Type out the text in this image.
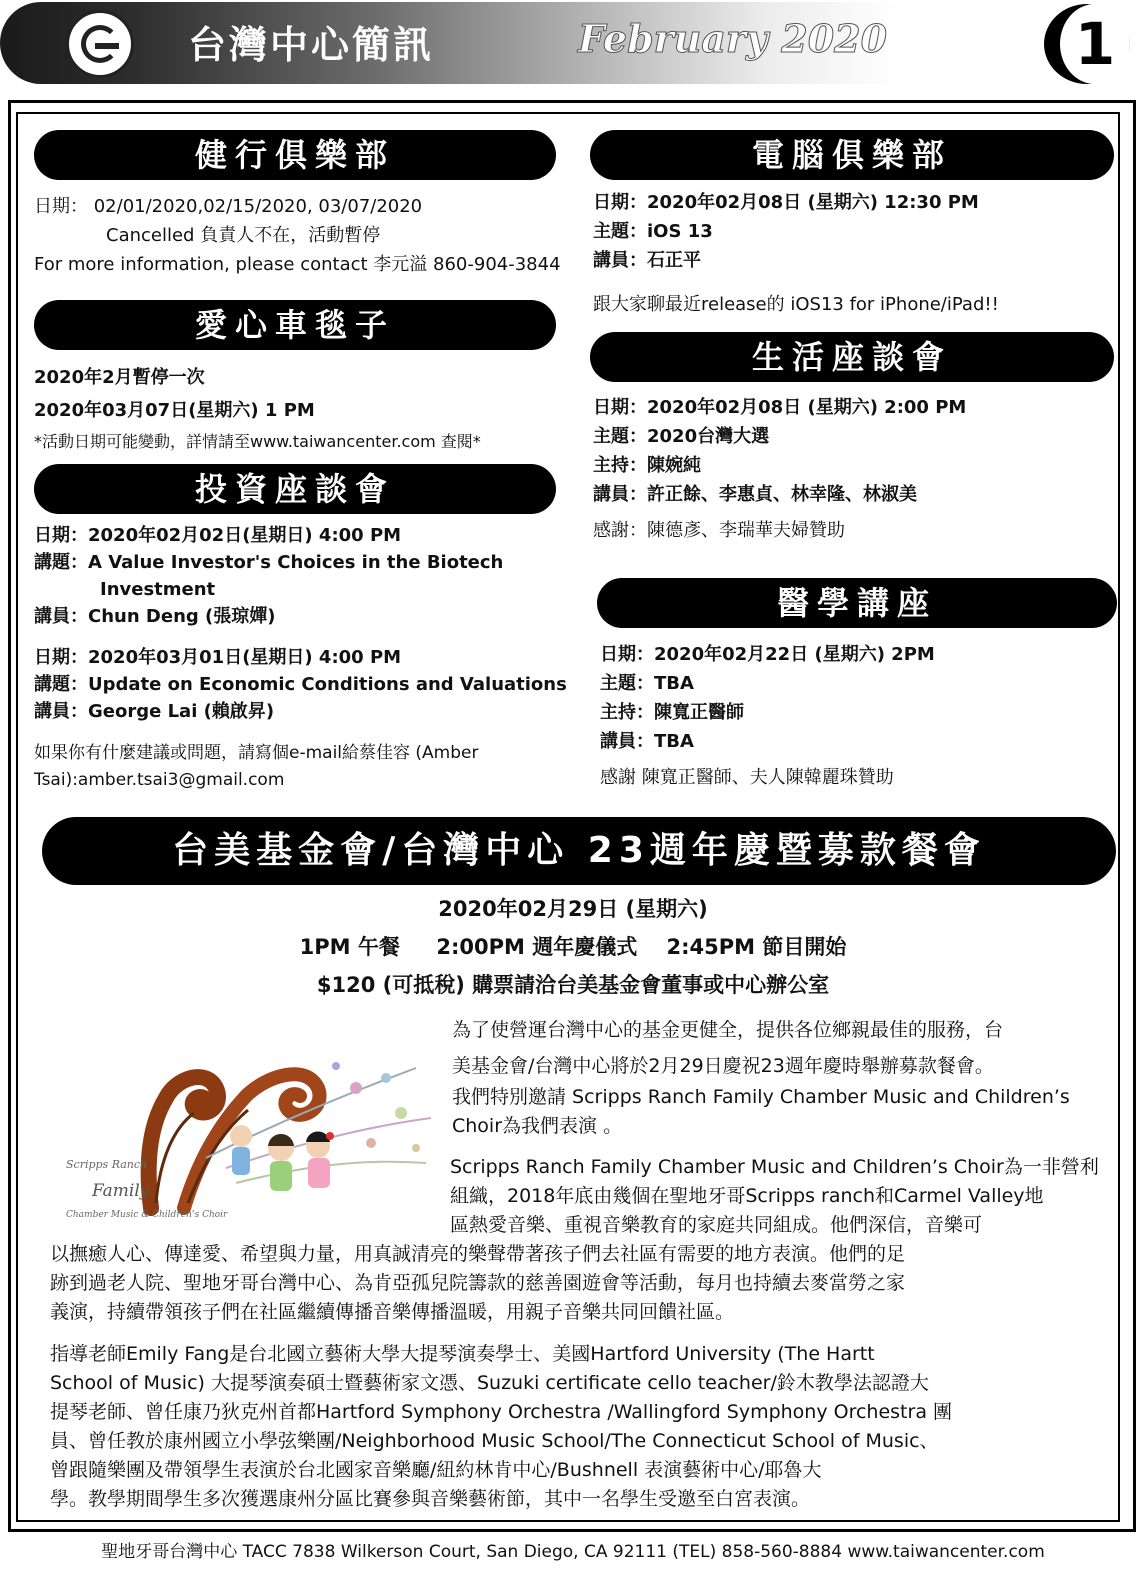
台灣中心簡訊	February 2020	1
健行俱樂部

日期： 02/01/2020,02/15/2020, 03/07/2020

Cancelled 負責人不在，活動暫停

For more information, please contact 李元溢 860-904-3844

愛心車毯子

2020年2月暫停一次

2020年03月07日(星期六) 1 PM

*活動日期可能變動，詳情請至www.taiwancenter.com 查閱*

投資座談會

日期：2020年02月02日(星期日) 4:00 PM

講題：A Value Investor's Choices in the Biotech

Investment

講員：Chun Deng (張琼嬋)

日期：2020年03月01日(星期日) 4:00 PM

講題：Update on Economic Conditions and Valuations

講員：George Lai (賴啟昇)

如果你有什麼建議或問題，請寫個e-mail給蔡佳容 (Amber

Tsai):amber.tsai3@gmail.com

電腦俱樂部

日期：2020年02月08日 (星期六) 12:30 PM

主題：iOS 13

講員：石正平

跟大家聊最近release的 iOS13 for iPhone/iPad!!
生活座談會

日期：2020年02月08日 (星期六) 2:00 PM

主題：2020台灣大選

主持：陳婉純

講員：許正餘、李惠貞、林幸隆、林淑美

感謝：陳德彥、李瑞華夫婦贊助
醫學講座

日期：2020年02月22日 (星期六) 2PM

主題：TBA

主持：陳寬正醫師

講員：TBA

感謝 陳寬正醫師、夫人陳韓麗珠贊助
台美基金會/台灣中心 23週年慶暨募款餐會
2020年02月29日 (星期六)
1PM 午餐     2:00PM 週年慶儀式    2:45PM 節目開始
$120 (可抵稅) 購票請洽台美基金會董事或中心辦公室
Scripps Ranch
Family
Chamber Music & Children’s Choir

為了使營運台灣中心的基金更健全，提供各位鄉親最佳的服務，台

美基金會/台灣中心將於2月29日慶祝23週年慶時舉辦募款餐會。

我們特別邀請 Scripps Ranch Family Chamber Music and Children’s

Choir為我們表演 。

Scripps Ranch Family Chamber Music and Children’s Choir為一非營利

組織，2018年底由幾個在聖地牙哥Scripps ranch和Carmel Valley地

區熱愛音樂、重視音樂教育的家庭共同組成。他們深信，音樂可

以撫癒人心、傳達愛、希望與力量，用真誠清亮的樂聲帶著孩子們去社區有需要的地方表演。他們的足

跡到過老人院、聖地牙哥台灣中心、為肯亞孤兒院籌款的慈善園遊會等活動，每月也持續去麥當勞之家

義演，持續帶領孩子們在社區繼續傳播音樂傳播溫暖，用親子音樂共同回饋社區。

指導老師Emily Fang是台北國立藝術大學大提琴演奏學士、美國Hartford University (The Hartt

School of Music) 大提琴演奏碩士暨藝術家文憑、Suzuki certificate cello teacher/鈴木教學法認證大

提琴老師、曾任康乃狄克州首都Hartford Symphony Orchestra /Wallingford Symphony Orchestra 團

員、曾任教於康州國立小學弦樂團/Neighborhood Music School/The Connecticut School of Music、

曾跟隨樂團及帶領學生表演於台北國家音樂廳/紐約林肯中心/Bushnell 表演藝術中心/耶魯大

學。教學期間學生多次獲選康州分區比賽參與音樂藝術節，其中一名學生受邀至白宮表演。

聖地牙哥台灣中心 TACC 7838 Wilkerson Court, San Diego, CA 92111 (TEL) 858-560-8884 www.taiwancenter.com
